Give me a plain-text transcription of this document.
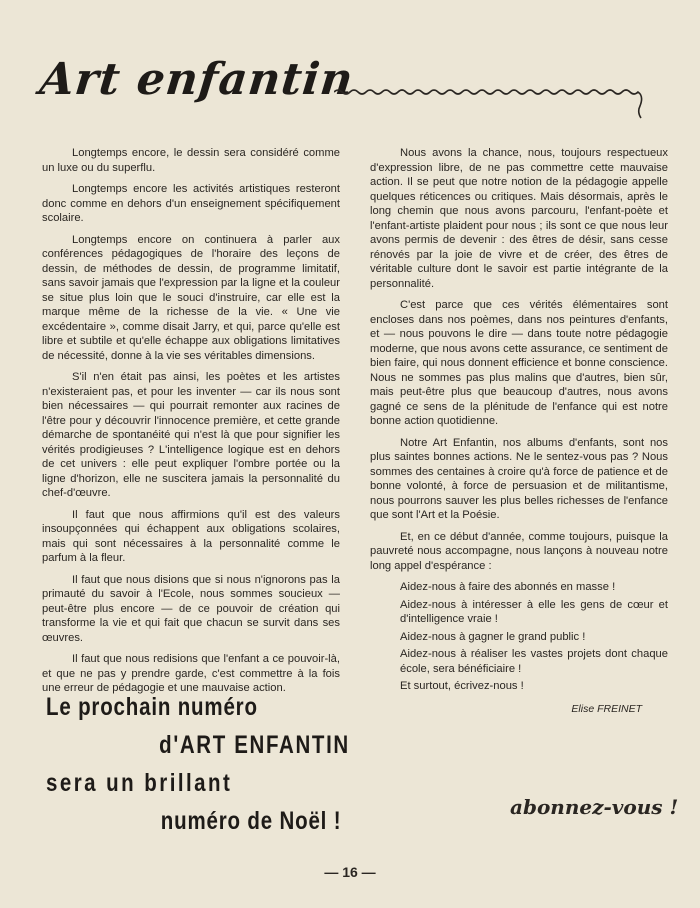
Art enfantin

Longtemps encore, le dessin sera considéré comme un luxe ou du superflu.

Longtemps encore les activités artistiques resteront donc comme en dehors d'un enseignement spécifiquement scolaire.

Longtemps encore on continuera à parler aux conférences pédagogiques de l'horaire des leçons de dessin, de méthodes de dessin, de programme limitatif, sans savoir jamais que l'expression par la ligne et la couleur se situe plus loin que le souci d'instruire, car elle est la marque même de la richesse de la vie. « Une vie excédentaire », comme disait Jarry, et qui, parce qu'elle est libre et subtile et qu'elle échappe aux obligations limitatives de nécessité, donne à la vie ses véritables dimensions.

S'il n'en était pas ainsi, les poètes et les artistes n'existeraient pas, et pour les inventer — car ils nous sont bien nécessaires — qui pourrait remonter aux racines de l'être pour y découvrir l'innocence première, et cette grande démarche de spontanéité qui n'est là que pour signifier les vérités prodigieuses ? L'intelligence logique est en dehors de cet univers : elle peut expliquer l'ombre portée ou la ligne d'horizon, elle ne suscitera jamais la personnalité du chef-d'œuvre.

Il faut que nous affirmions qu'il est des valeurs insoupçonnées qui échappent aux obligations scolaires, mais qui sont nécessaires à la personnalité comme le parfum à la fleur.

Il faut que nous disions que si nous n'ignorons pas la primauté du savoir à l'Ecole, nous sommes soucieux — peut-être plus encore — de ce pouvoir de création qui transforme la vie et qui fait que chacun se survit dans ses œuvres.

Il faut que nous redisions que l'enfant a ce pouvoir-là, et que ne pas y prendre garde, c'est commettre à la fois une erreur de pédagogie et une mauvaise action.

Nous avons la chance, nous, toujours respectueux d'expression libre, de ne pas commettre cette mauvaise action. Il se peut que notre notion de la pédagogie appelle quelques réticences ou critiques. Mais désormais, après le long chemin que nous avons parcouru, l'enfant-poète et l'enfant-artiste plaident pour nous ; ils sont ce que nous leur avons permis de devenir : des êtres de désir, sans cesse rénovés par la joie de vivre et de créer, des êtres de véritable culture dont le savoir est partie intégrante de la personnalité.

C'est parce que ces vérités élémentaires sont encloses dans nos poèmes, dans nos peintures d'enfants, et — nous pouvons le dire — dans toute notre pédagogie moderne, que nous avons cette assurance, ce sentiment de bien faire, qui nous donnent efficience et bonne conscience. Nous ne sommes pas plus malins que d'autres, bien sûr, mais peut-être plus que beaucoup d'autres, nous avons gagné ce sens de la plénitude de l'enfance qui est notre bonne action quotidienne.

Notre Art Enfantin, nos albums d'enfants, sont nos plus saintes bonnes actions. Ne le sentez-vous pas ? Nous sommes des centaines à croire qu'à force de patience et de bonne volonté, à force de persuasion et de militantisme, nous pourrons sauver les plus belles richesses de l'enfance que sont l'Art et la Poésie.

Et, en ce début d'année, comme toujours, puisque la pauvreté nous accompagne, nous lançons à nouveau notre long appel d'espérance :

Aidez-nous à faire des abonnés en masse !

Aidez-nous à intéresser à elle les gens de cœur et d'intelligence vraie !

Aidez-nous à gagner le grand public !

Aidez-nous à réaliser les vastes projets dont chaque école, sera bénéficiaire !

Et surtout, écrivez-nous !

Elise FREINET
Le prochain numéro
d'ART ENFANTIN
sera un brillant
numéro de Noël !	abonnez-vous !
— 16 —
